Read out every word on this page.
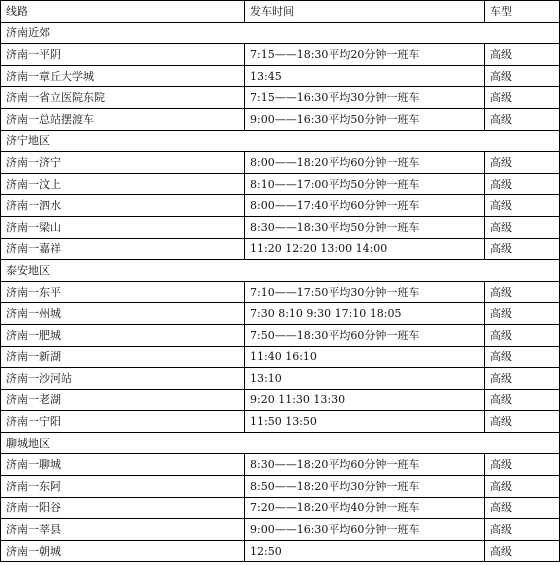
线路	发车时间	车型
济南近郊		
济南一平阴	7:15——18:30平均20分钟一班车	高级
济南一章丘大学城	13:45	高级
济南一省立医院东院	7:15——16:30平均30分钟一班车	高级
济南一总站摆渡车	9:00——16:30平均50分钟一班车	高级
济宁地区		
济南一济宁	8:00——18:20平均60分钟一班车	高级
济南一汶上	8:10——17:00平均50分钟一班车	高级
济南一泗水	8:00——17:40平均60分钟一班车	高级
济南一梁山	8:30——18:30平均50分钟一班车	高级
济南一嘉祥	11:20 12:20 13:00 14:00	高级
泰安地区		
济南一东平	7:10——17:50平均30分钟一班车	高级
济南一州城	7:30 8:10 9:30 17:10 18:05	高级
济南一肥城	7:50——18:30平均60分钟一班车	高级
济南一新湖	11:40 16:10	高级
济南一沙河站	13:10	高级
济南一老湖	9:20 11:30 13:30	高级
济南一宁阳	11:50 13:50	高级
聊城地区		
济南一聊城	8:30——18:20平均60分钟一班车	高级
济南一东阿	8:50——18:20平均30分钟一班车	高级
济南一阳谷	7:20——18:20平均40分钟一班车	高级
济南一莘县	9:00——16:30平均60分钟一班车	高级
济南一朝城	12:50	高级
